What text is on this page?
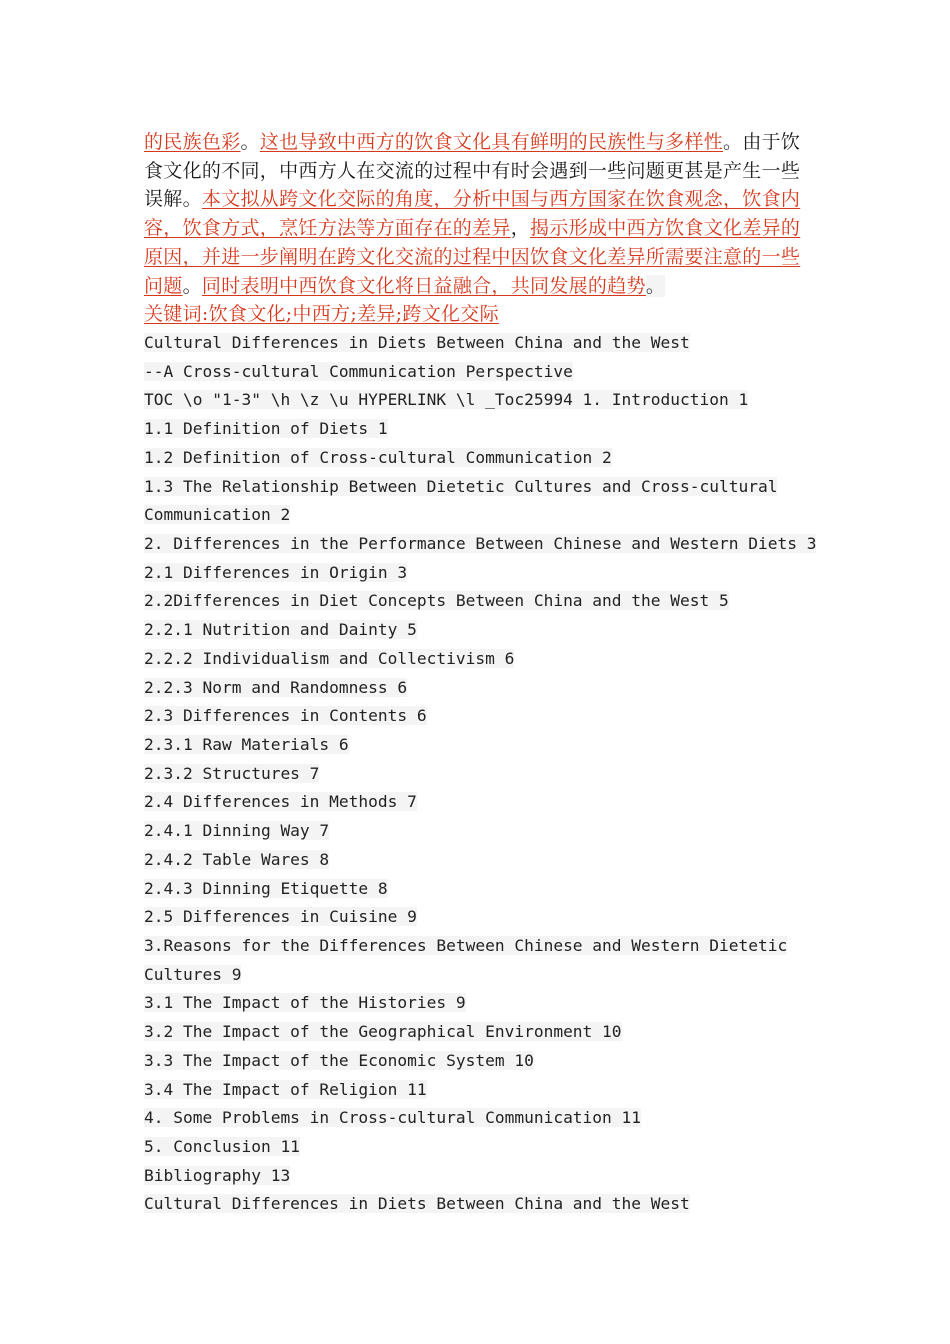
的民族色彩。这也导致中西方的饮食文化具有鲜明的民族性与多样性。由于饮食文化的不同，中西方人在交流的过程中有时会遇到一些问题更甚是产生一些误解。本文拟从跨文化交际的角度，分析中国与西方国家在饮食观念，饮食内容，饮食方式，烹饪方法等方面存在的差异，揭示形成中西方饮食文化差异的原因，并进一步阐明在跨文化交流的过程中因饮食文化差异所需要注意的一些问题。同时表明中西饮食文化将日益融合，共同发展的趋势。

关键词:饮食文化;中西方;差异;跨文化交际

Cultural Differences in Diets Between China and the West
--A Cross-cultural Communication Perspective
TOC \o "1-3" \h \z \u HYPERLINK \l _Toc25994 1. Introduction 1
1.1 Definition of Diets 1
1.2 Definition of Cross-cultural Communication 2
1.3 The Relationship Between Dietetic Cultures and Cross-cultural
Communication 2
2. Differences in the Performance Between Chinese and Western Diets 3
2.1 Differences in Origin 3
2.2Differences in Diet Concepts Between China and the West 5
2.2.1 Nutrition and Dainty 5
2.2.2 Individualism and Collectivism 6
2.2.3 Norm and Randomness 6
2.3 Differences in Contents 6
2.3.1 Raw Materials 6
2.3.2 Structures 7
2.4 Differences in Methods 7
2.4.1 Dinning Way 7
2.4.2 Table Wares 8
2.4.3 Dinning Etiquette 8
2.5 Differences in Cuisine 9
3.Reasons for the Differences Between Chinese and Western Dietetic
Cultures 9
3.1 The Impact of the Histories 9
3.2 The Impact of the Geographical Environment 10
3.3 The Impact of the Economic System 10
3.4 The Impact of Religion 11
4. Some Problems in Cross-cultural Communication 11
5. Conclusion 11
Bibliography 13
Cultural Differences in Diets Between China and the West
